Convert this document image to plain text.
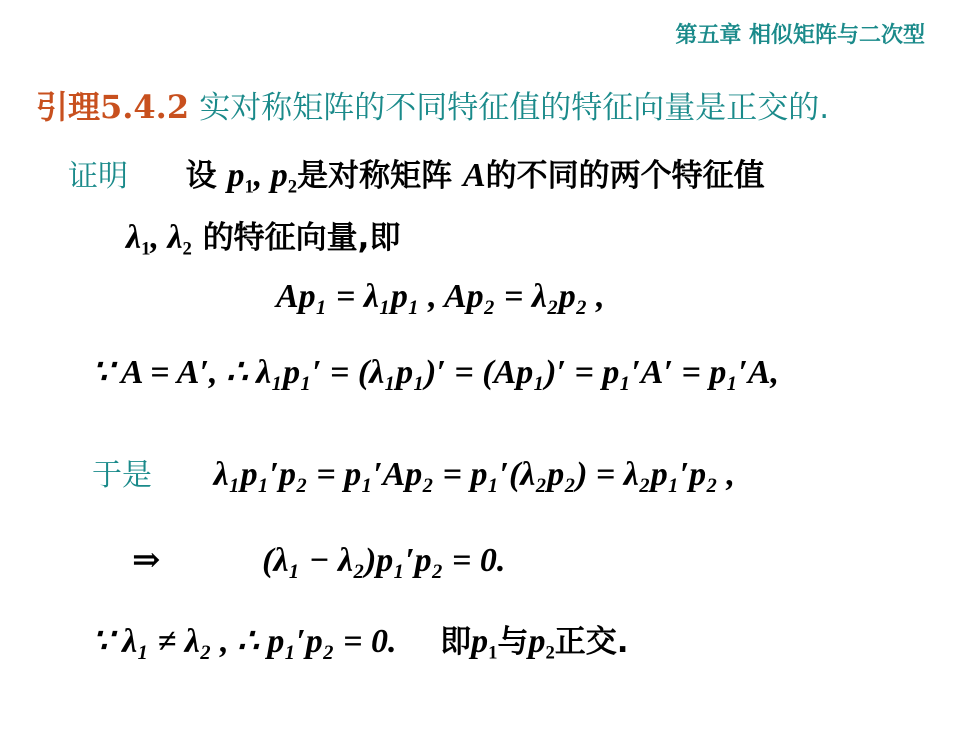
第五章 相似矩阵与二次型
引理5.4.2 实对称矩阵的不同特征值的特征向量是正交的.
证明 设 $p_1$, $p_2$是对称矩阵 A的不同的两个特征值
$\lambda_1$, $\lambda_2$ 的特征向量,即
Ap₁ = λ₁p₁ , Ap₂ = λ₂p₂ ,
∵ A = A′, ∴ λ₁p₁′ = (λ₁p₁)′ = (Ap₁)′ = p₁′A′ = p₁′A,
于是 λ₁p₁′p₂ = p₁′Ap₂ = p₁′(λ₂p₂) = λ₂p₁′p₂ ,
⇒	(λ₁ − λ₂)p₁′p₂ = 0.
∵ λ₁ ≠ λ₂ , ∴ p₁′p₂ = 0. 即$p_1$与$p_2$正交.
